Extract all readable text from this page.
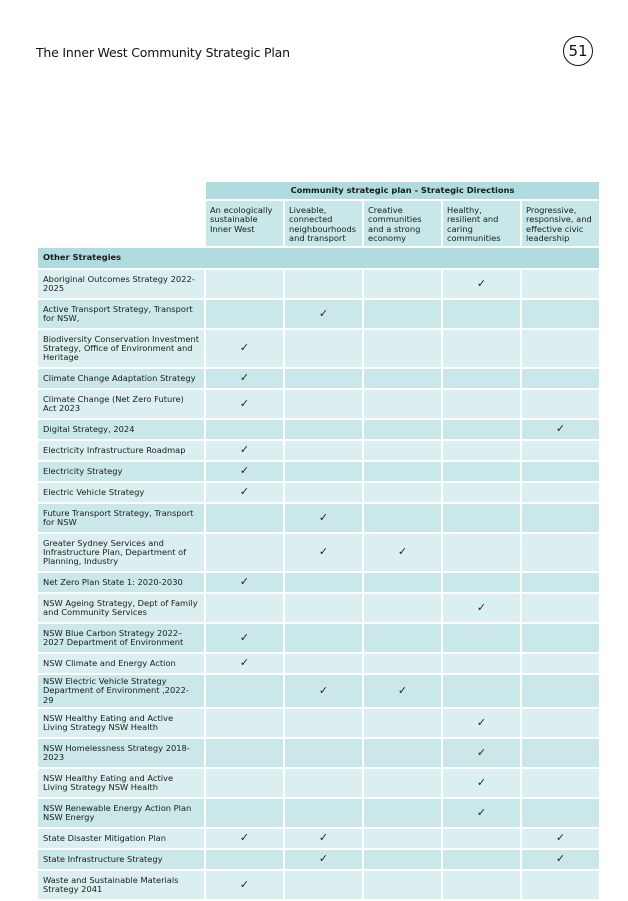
The Inner West Community Strategic Plan	51
	Community strategic plan - Strategic Directions				
	An ecologically sustainable Inner West	Liveable, connected neighbourhoods and transport	Creative communities and a strong economy	Healthy, resilient and caring communities	Progressive, responsive, and effective civic leadership
Other Strategies					
Aboriginal Outcomes Strategy 2022-2025				✓	
Active Transport Strategy, Transport for NSW,		✓			
Biodiversity Conservation Investment Strategy, Office of Environment and Heritage	✓				
Climate Change Adaptation Strategy	✓				
Climate Change (Net Zero Future) Act 2023	✓				
Digital Strategy, 2024					✓
Electricity Infrastructure Roadmap	✓				
Electricity Strategy	✓				
Electric Vehicle Strategy	✓				
Future Transport Strategy, Transport for NSW		✓			
Greater Sydney Services and Infrastructure Plan, Department of Planning, Industry		✓	✓		
Net Zero Plan State 1: 2020-2030	✓				
NSW Ageing Strategy, Dept of Family and Community Services				✓	
NSW Blue Carbon Strategy 2022–2027 Department of Environment	✓				
NSW Climate and Energy Action	✓				
NSW Electric Vehicle Strategy Department of Environment ,2022-29		✓	✓		
NSW Healthy Eating and Active Living Strategy NSW Health				✓	
NSW Homelessness Strategy 2018-2023				✓	
NSW Healthy Eating and Active Living Strategy NSW Health				✓	
NSW Renewable Energy Action Plan NSW Energy				✓	
State Disaster Mitigation Plan	✓	✓			✓
State Infrastructure Strategy		✓			✓
Waste and Sustainable Materials Strategy 2041	✓				
